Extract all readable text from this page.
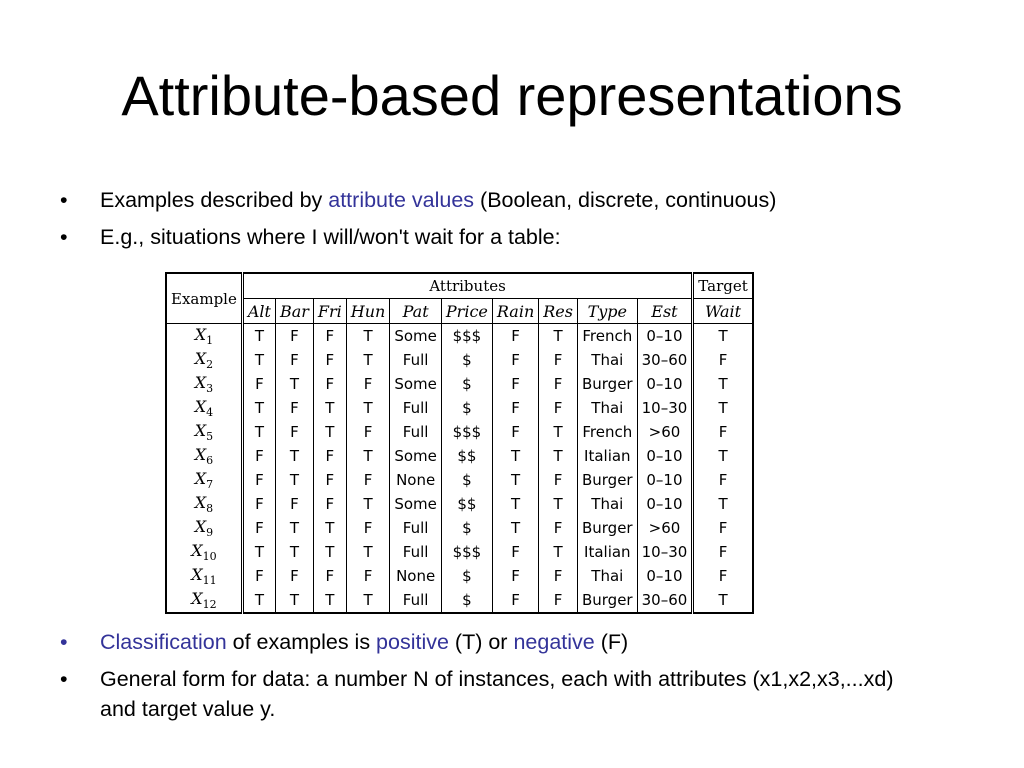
Attribute-based representations
• Examples described by attribute values (Boolean, discrete, continuous)
• E.g., situations where I will/won't wait for a table:
Example	Attributes										Target
	Alt	Bar	Fri	Hun	Pat	Price	Rain	Res	Type	Est	Wait
$X_1$	T	F	F	T	Some	$$$	F	T	French	0–10	T
$X_2$	T	F	F	T	Full	$	F	F	Thai	30–60	F
$X_3$	F	T	F	F	Some	$	F	F	Burger	0–10	T
$X_4$	T	F	T	T	Full	$	F	F	Thai	10–30	T
$X_5$	T	F	T	F	Full	$$$	F	T	French	>60	F
$X_6$	F	T	F	T	Some	$$	T	T	Italian	0–10	T
$X_7$	F	T	F	F	None	$	T	F	Burger	0–10	F
$X_8$	F	F	F	T	Some	$$	T	T	Thai	0–10	T
$X_9$	F	T	T	F	Full	$	T	F	Burger	>60	F
$X_{10}$	T	T	T	T	Full	$$$	F	T	Italian	10–30	F
$X_{11}$	F	F	F	F	None	$	F	F	Thai	0–10	F
$X_{12}$	T	T	T	T	Full	$	F	F	Burger	30–60	T
• Classification of examples is positive (T) or negative (F)
• General form for data: a number N of instances, each with attributes (x1,x2,x3,...xd) and target value y.
